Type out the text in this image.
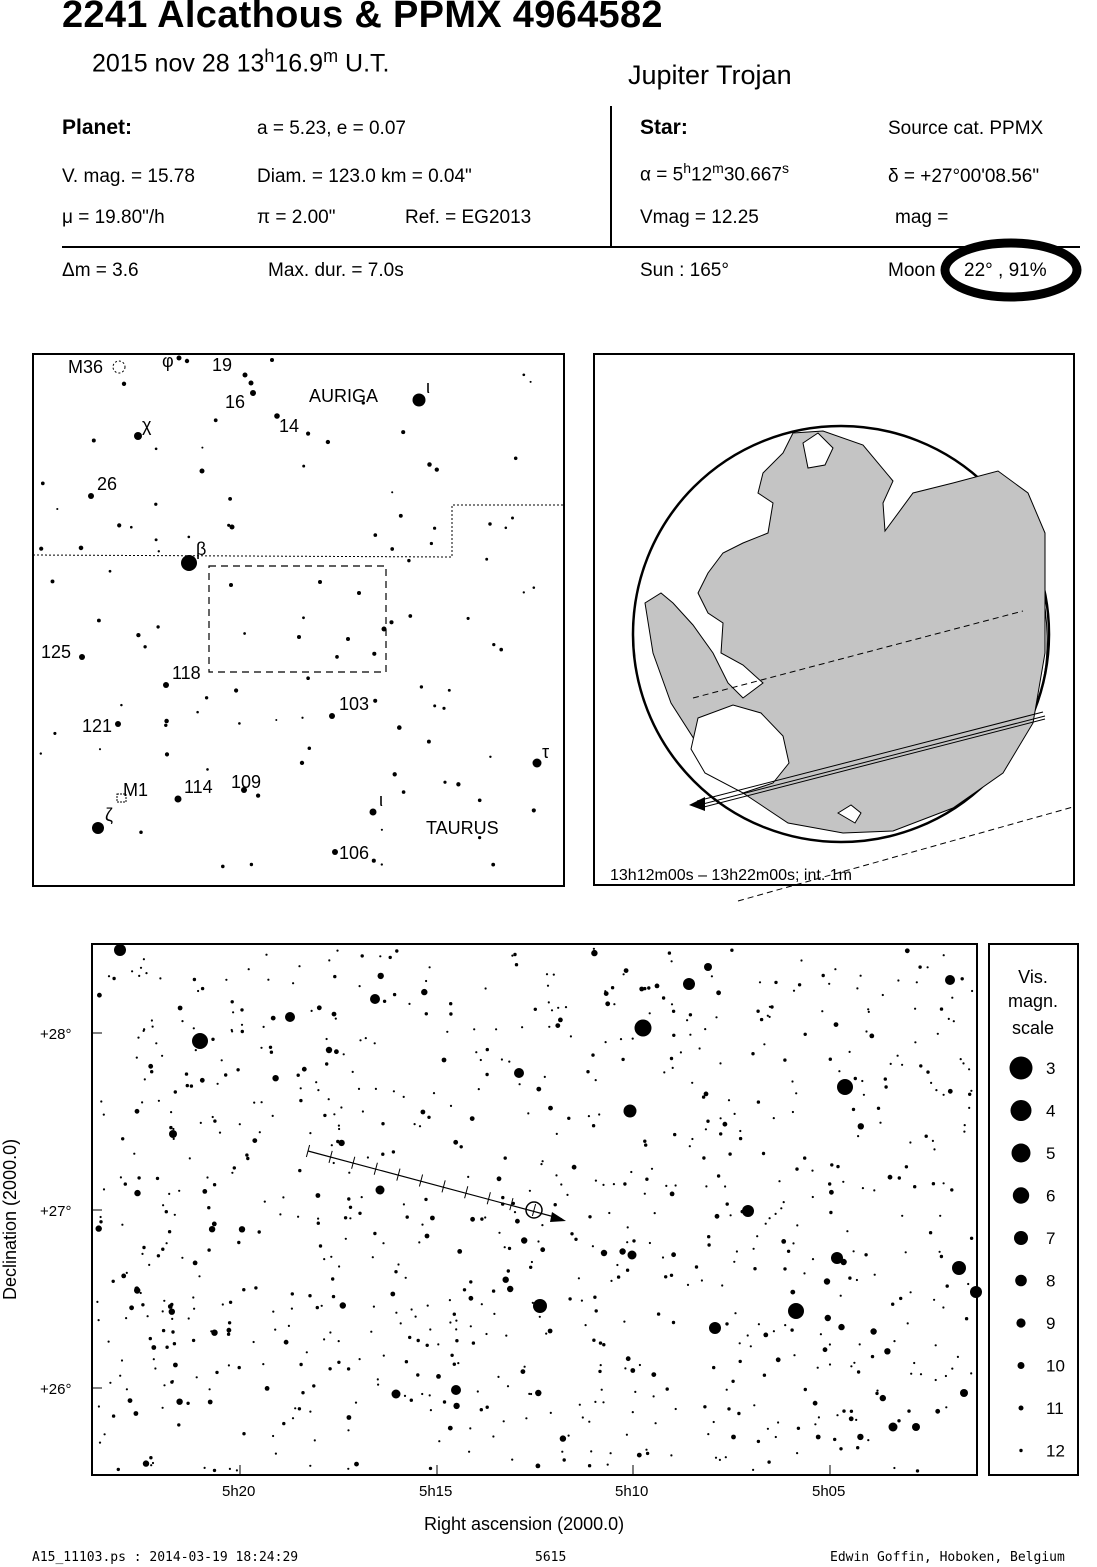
2241 Alcathous & PPMX 4964582
2015 nov 28 13$^h$16.9$^m$ U.T.	Jupiter Trojan
Planet:	a = 5.23, e = 0.07
V. mag. = 15.78	Diam. = 123.0 km = 0.04"
μ = 19.80"/h	π = 2.00"	Ref. = EG2013
Star:	Source cat. PPMX
$\alpha = 5^h12^m30.667^s$	δ = +27°00'08.56"
Vmag = 12.25	mag =
Δm = 3.6	Max. dur. = 7.0s	Sun : 165°	Moon 22° , 91%
M36	φ 19
16	AURIGA	ι
14
χ
26
β
125
118
103
121
τ
M1 114 109
ι
ζ
TAURUS
106
13h12m00s – 13h22m00s; int. 1m
+28°
+27°
+26°
5h20	5h15	5h10	5h05
Right ascension (2000.0)
Declination (2000.0)
Vis.
magn.
scale
3
4
5
6
7
8
9
10
11
12
A15_11103.ps : 2014-03-19 18:24:29	5615	Edwin Goffin, Hoboken, Belgium
